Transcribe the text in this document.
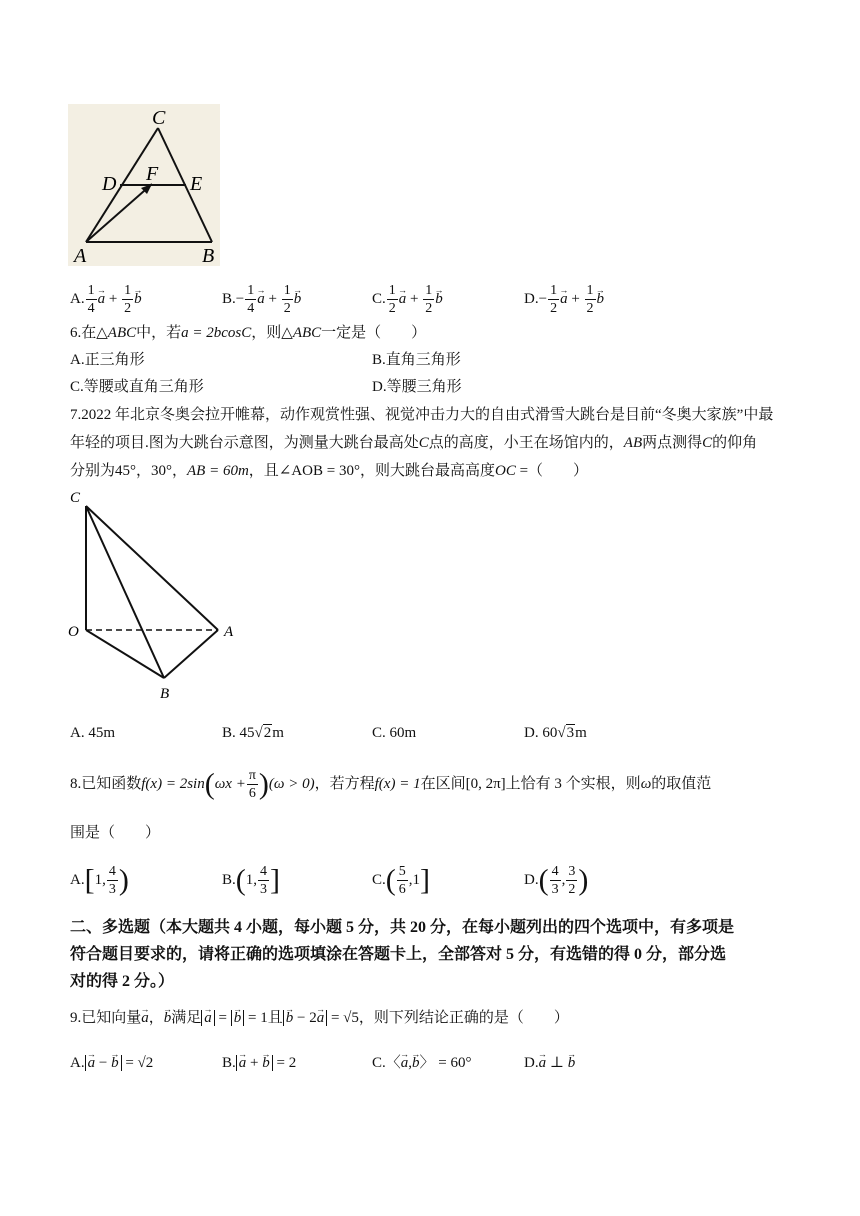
C
D F E
A	B
A. $\frac{1}{4}$
→ $a + \frac{1}{2}$
→ b	$B.- \frac{1}{4}$
→ $a + \frac{1}{2}$
→ b	C. $\frac{1}{2}$
→ $a + \frac{1}{2}$
→ b	$D.- \frac{1}{2}$
→ $a + \frac{1}{2}$
→ b
6.在△ABC中，若a = 2bcosC，则△ABC一定是（　　）
A.正三角形	B.直角三角形
C.等腰或直角三角形	D.等腰三角形
7.2022 年北京冬奥会拉开帷幕，动作观赏性强、视觉冲击力大的自由式滑雪大跳台是目前“冬奥大家族”中最
年轻的项目.图为大跳台示意图，为测量大跳台最高处C点的高度，小王在场馆内的，AB两点测得C的仰角
分别为45°，30°，AB = 60m，且∠AOB = 30°，则大跳台最高高度OC =（　　）
C
O	A
B
A. 45m	B. 45√2m	C. 60m	D. 60√3m
8.已知函数$f(x) = 2\sin(\omega x + \frac{\pi}{6} )(\omega > 0)$，若方程f(x) = 1在区间[0, 2π]上恰有 3 个实根，则ω的取值范
围是（　　）
A.[1, $\frac{4}{3}$ )	B.(1, $\frac{4}{3}$ ]	$C.( \frac{5}{6} ,1]$	$D.( \frac{4}{3}$ , $\frac{3}{2}$ )
二、多选题（本大题共 4 小题，每小题 5 分，共 20 分，在每小题列出的四个选项中，有多项是
符合题目要求的，请将正确的选项填涂在答题卡上，全部答对 5 分，有选错的得 0 分，部分选
对的得 2 分。）
9.已知向量→ a，→ b满足→ a = → b = 1且→ b − 2→ a = √5，则下列结论正确的是（　　）
A.→ a − → b = √2	B.→ a + → b = 2	C.〈→ a,→ b〉 = 60°	D.→ a ⊥ → b
